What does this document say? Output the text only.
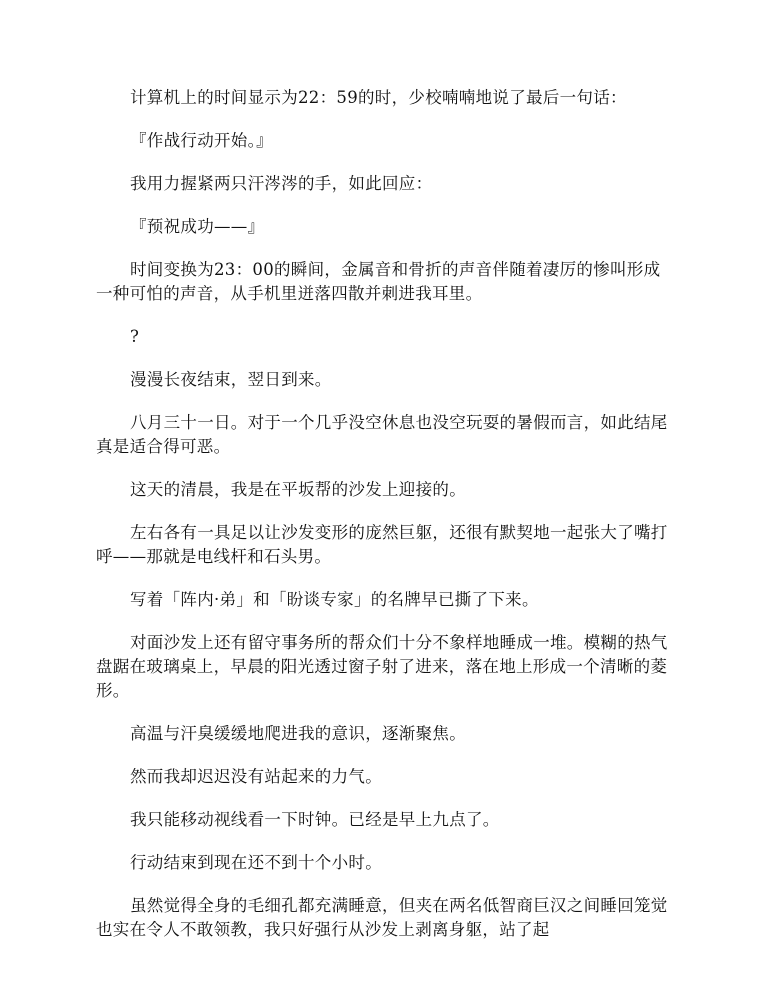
计算机上的时间显示为22：59的时，少校喃喃地说了最后一句话：

『作战行动开始。』

我用力握紧两只汗涔涔的手，如此回应：

『预祝成功——』

时间变换为23：00的瞬间，金属音和骨折的声音伴随着凄厉的惨叫形成一种可怕的声音，从手机里迸落四散并刺进我耳里。

?

漫漫长夜结束，翌日到来。

八月三十一日。对于一个几乎没空休息也没空玩耍的暑假而言，如此结尾真是适合得可恶。

这天的清晨，我是在平坂帮的沙发上迎接的。

左右各有一具足以让沙发变形的庞然巨躯，还很有默契地一起张大了嘴打呼——那就是电线杆和石头男。

写着「阵内·弟」和「盼谈专家」的名牌早已撕了下来。

对面沙发上还有留守事务所的帮众们十分不象样地睡成一堆。模糊的热气盘踞在玻璃桌上，早晨的阳光透过窗子射了进来，落在地上形成一个清晰的菱形。

高温与汗臭缓缓地爬进我的意识，逐渐聚焦。

然而我却迟迟没有站起来的力气。

我只能移动视线看一下时钟。已经是早上九点了。

行动结束到现在还不到十个小时。

虽然觉得全身的毛细孔都充满睡意，但夹在两名低智商巨汉之间睡回笼觉也实在令人不敢领教，我只好强行从沙发上剥离身躯，站了起
